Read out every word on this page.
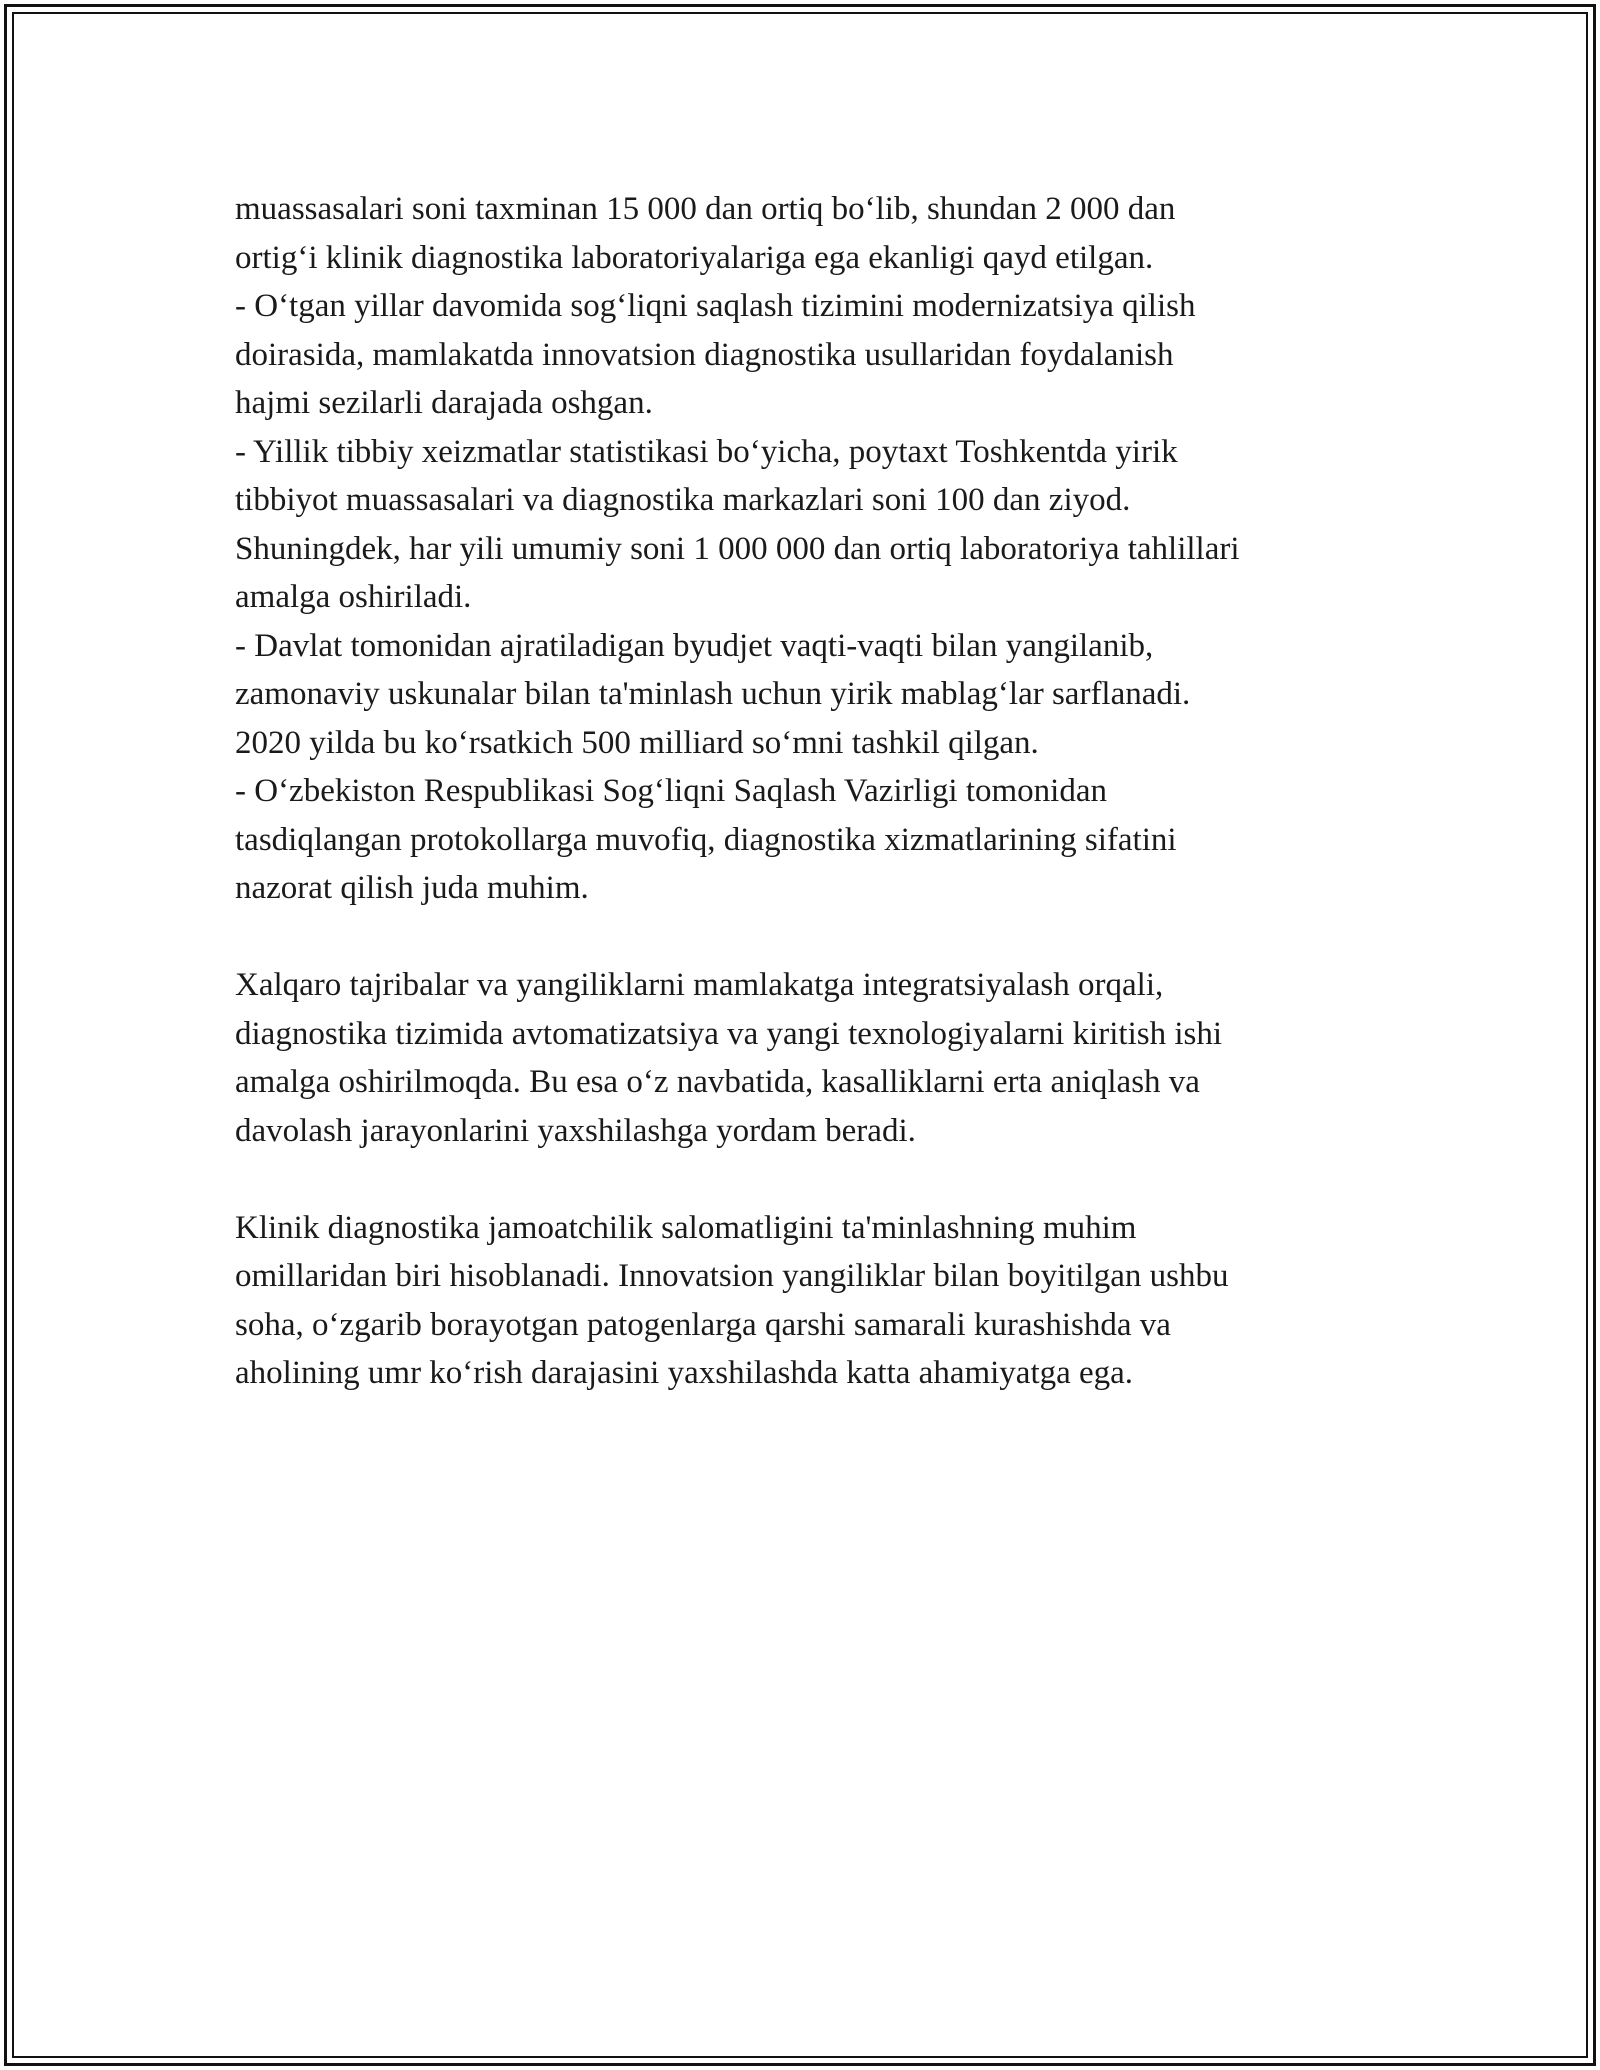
muassasalari soni taxminan 15 000 dan ortiq bo‘lib, shundan 2 000 dan
ortig‘i klinik diagnostika laboratoriyalariga ega ekanligi qayd etilgan.
- O‘tgan yillar davomida sog‘liqni saqlash tizimini modernizatsiya qilish
doirasida, mamlakatda innovatsion diagnostika usullaridan foydalanish
hajmi sezilarli darajada oshgan.
- Yillik tibbiy xeizmatlar statistikasi bo‘yicha, poytaxt Toshkentda yirik
tibbiyot muassasalari va diagnostika markazlari soni 100 dan ziyod.
Shuningdek, har yili umumiy soni 1 000 000 dan ortiq laboratoriya tahlillari
amalga oshiriladi.
- Davlat tomonidan ajratiladigan byudjet vaqti-vaqti bilan yangilanib,
zamonaviy uskunalar bilan ta'minlash uchun yirik mablag‘lar sarflanadi.
2020 yilda bu ko‘rsatkich 500 milliard so‘mni tashkil qilgan.
- O‘zbekiston Respublikasi Sog‘liqni Saqlash Vazirligi tomonidan
tasdiqlangan protokollarga muvofiq, diagnostika xizmatlarining sifatini
nazorat qilish juda muhim.

Xalqaro tajribalar va yangiliklarni mamlakatga integratsiyalash orqali,
diagnostika tizimida avtomatizatsiya va yangi texnologiyalarni kiritish ishi
amalga oshirilmoqda. Bu esa o‘z navbatida, kasalliklarni erta aniqlash va
davolash jarayonlarini yaxshilashga yordam beradi.

Klinik diagnostika jamoatchilik salomatligini ta'minlashning muhim
omillaridan biri hisoblanadi. Innovatsion yangiliklar bilan boyitilgan ushbu
soha, o‘zgarib borayotgan patogenlarga qarshi samarali kurashishda va
aholining umr ko‘rish darajasini yaxshilashda katta ahamiyatga ega.
